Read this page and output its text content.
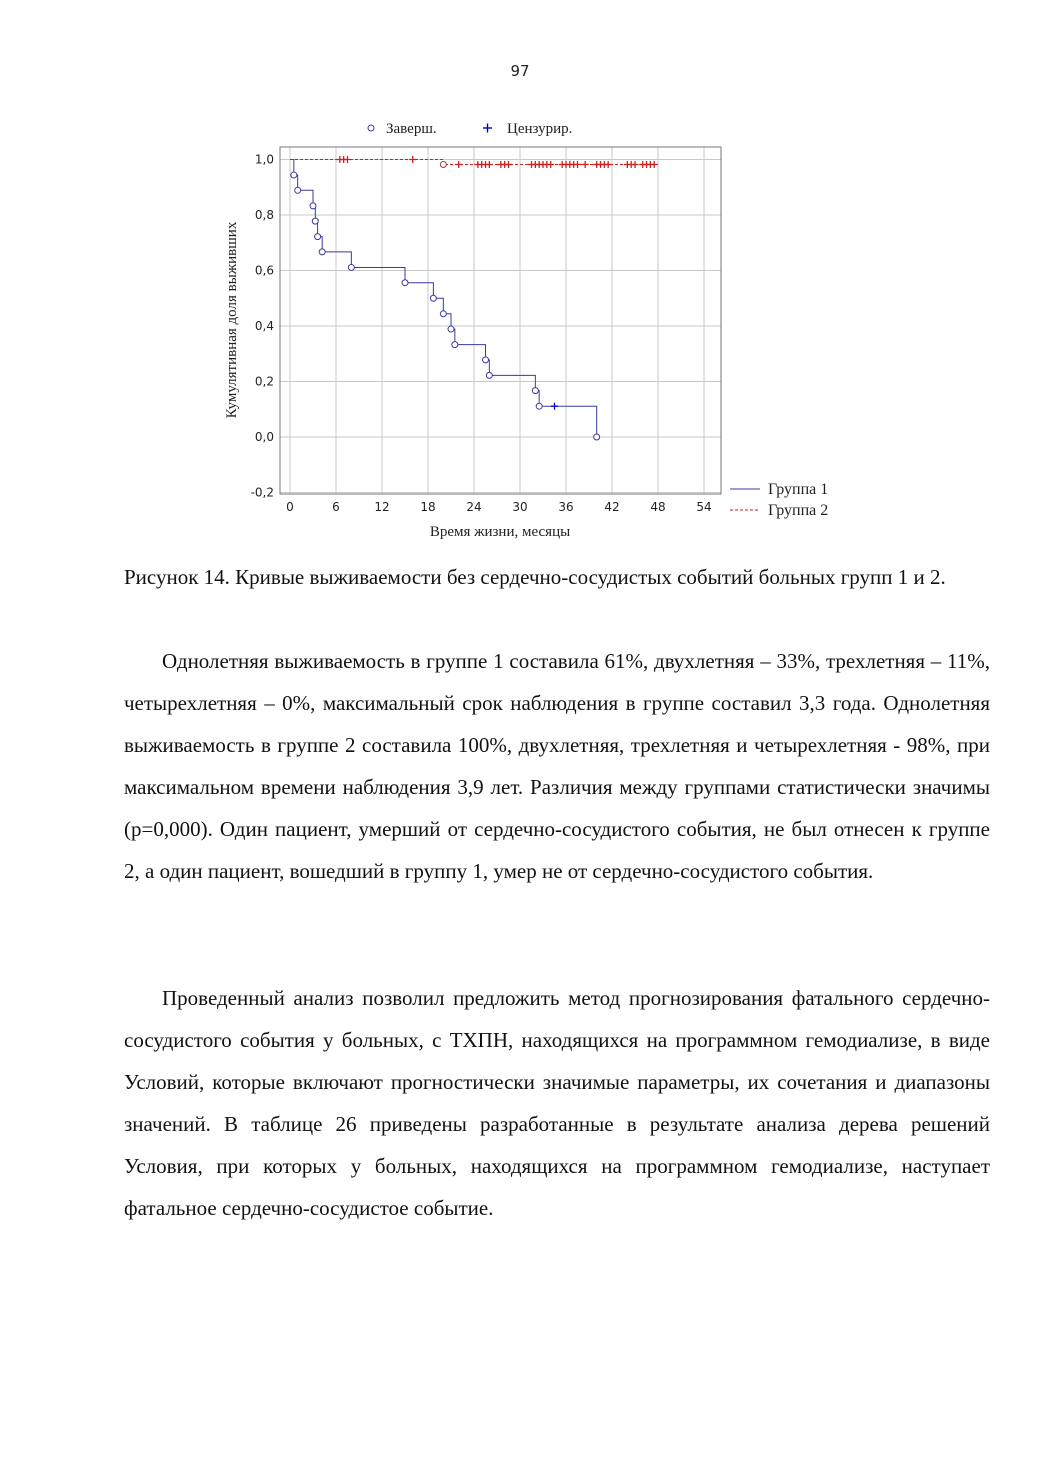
97
1,0
0,8
0,6
0,4
0,2
0,0
-0,2
0	6	12	18	24	30	36	42	48	54
Кумулятивная доля выживших
Время жизни, месяцы
Заверш.	Цензурир.
Группа 1
Группа 2

Рисунок 14. Кривые выживаемости без сердечно-сосудистых событий больных групп 1 и 2.

Однолетняя выживаемость в группе 1 составила 61%, двухлетняя – 33%, трехлетняя – 11%, четырехлетняя – 0%, максимальный срок наблюдения в группе составил 3,3 года. Однолетняя выживаемость в группе 2 составила 100%, двухлетняя, трехлетняя и четырехлетняя - 98%, при максимальном времени наблюдения 3,9 лет. Различия между группами статистически значимы (p=0,000). Один пациент, умерший от сердечно-сосудистого события, не был отнесен к группе 2, а один пациент, вошедший в группу 1, умер не от сердечно-сосудистого события.

Проведенный анализ позволил предложить метод прогнозирования фатального сердечно-сосудистого события у больных, с ТХПН, находящихся на программном гемодиализе, в виде Условий, которые включают прогностически значимые параметры, их сочетания и диапазоны значений. В таблице 26 приведены разработанные в результате анализа дерева решений Условия, при которых у больных, находящихся на программном гемодиализе, наступает фатальное сердечно-сосудистое событие.
